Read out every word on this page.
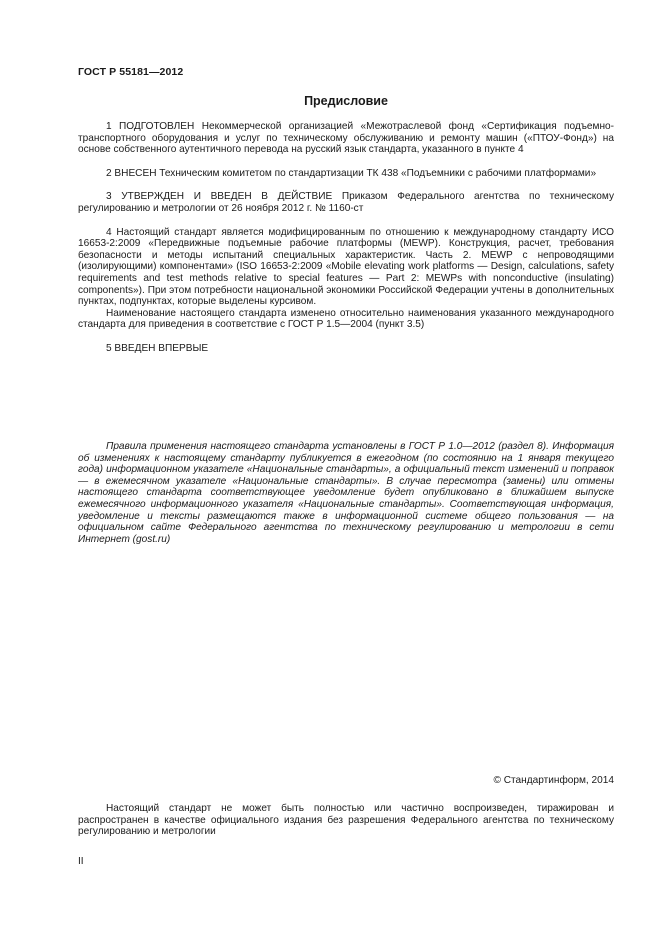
ГОСТ Р 55181—2012
Предисловие

1 ПОДГОТОВЛЕН Некоммерческой организацией «Межотраслевой фонд «Сертификация подъемно-транспортного оборудования и услуг по техническому обслуживанию и ремонту машин («ПТОУ-Фонд») на основе собственного аутентичного перевода на русский язык стандарта, указанного в пункте 4

2 ВНЕСЕН Техническим комитетом по стандартизации ТК 438 «Подъемники с рабочими платформами»

3 УТВЕРЖДЕН И ВВЕДЕН В ДЕЙСТВИЕ Приказом Федерального агентства по техническому регулированию и метрологии от 26 ноября 2012 г. № 1160-ст

4 Настоящий стандарт является модифицированным по отношению к международному стандарту ИСО 16653-2:2009 «Передвижные подъемные рабочие платформы (MEWP). Конструкция, расчет, требования безопасности и методы испытаний специальных характеристик. Часть 2. MEWP с непроводящими (изолирующими) компонентами» (ISO 16653-2:2009 «Mobile elevating work platforms — Design, calculations, safety requirements and test methods relative to special features — Part 2: MEWPs with nonconductive (insulating) components»). При этом потребности национальной экономики Российской Федерации учтены в дополнительных пунктах, подпунктах, которые выделены курсивом.

Наименование настоящего стандарта изменено относительно наименования указанного международного стандарта для приведения в соответствие с ГОСТ Р 1.5—2004 (пункт 3.5)

5 ВВЕДЕН ВПЕРВЫЕ

Правила применения настоящего стандарта установлены в ГОСТ Р 1.0—2012 (раздел 8). Информация об изменениях к настоящему стандарту публикуется в ежегодном (по состоянию на 1 января текущего года) информационном указателе «Национальные стандарты», а официальный текст изменений и поправок — в ежемесячном указателе «Национальные стандарты». В случае пересмотра (замены) или отмены настоящего стандарта соответствующее уведомление будет опубликовано в ближайшем выпуске ежемесячного информационного указателя «Национальные стандарты». Соответствующая информация, уведомление и тексты размещаются также в информационной системе общего пользования — на официальном сайте Федерального агентства по техническому регулированию и метрологии в сети Интернет (gost.ru)

© Стандартинформ, 2014

Настоящий стандарт не может быть полностью или частично воспроизведен, тиражирован и распространен в качестве официального издания без разрешения Федерального агентства по техническому регулированию и метрологии

II
